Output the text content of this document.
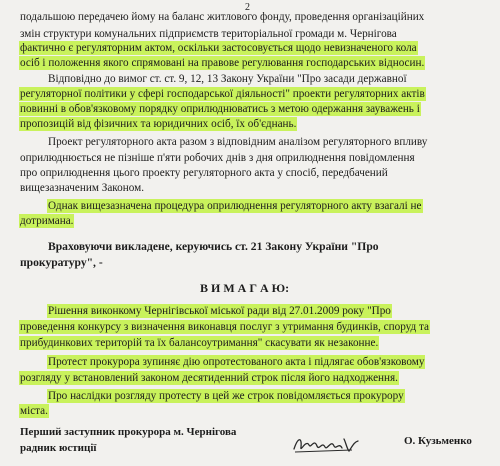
2
подальшою передачею йому на баланс житлового фонду, проведення організаційних
змін структури комунальних підприємств територіальної громади м. Чернігова
фактично є регуляторним актом, оскільки застосовується щодо невизначеного кола
осіб і положення якого спрямовані на правове регулювання господарських відносин.
Відповідно до вимог ст. ст. 9, 12, 13 Закону України "Про засади державної
регуляторної політики у сфері господарської діяльності" проекти регуляторних актів
повинні в обов'язковому порядку оприлюднюватись з метою одержання зауважень і
пропозицій від фізичних та юридичних осіб, їх об'єднань.
Проект регуляторного акта разом з відповідним аналізом регуляторного впливу
оприлюднюється не пізніше п'яти робочих днів з дня оприлюднення повідомлення
про оприлюднення цього проекту регуляторного акта у спосіб, передбачений
вищезазначеним Законом.
Однак вищезазначена процедура оприлюднення регуляторного акту взагалі не
дотримана.
Враховуючи викладене, керуючись ст. 21 Закону України "Про
прокуратуру", -
В И М А Г А Ю:
Рішення виконкому Чернігівської міської ради від 27.01.2009 року "Про
проведення конкурсу з визначення виконавця послуг з утримання будинків, споруд та
прибудинкових територій та їх балансоутримання" скасувати як незаконне.
Протест прокурора зупиняє дію опротестованого акта і підлягає обов'язковому
розгляду у встановлений законом десятиденний строк після його надходження.
Про наслідки розгляду протесту в цей же строк повідомляється прокурору
міста.
Перший заступник прокурора м. Чернігова
радник юстиції
О. Кузьменко
